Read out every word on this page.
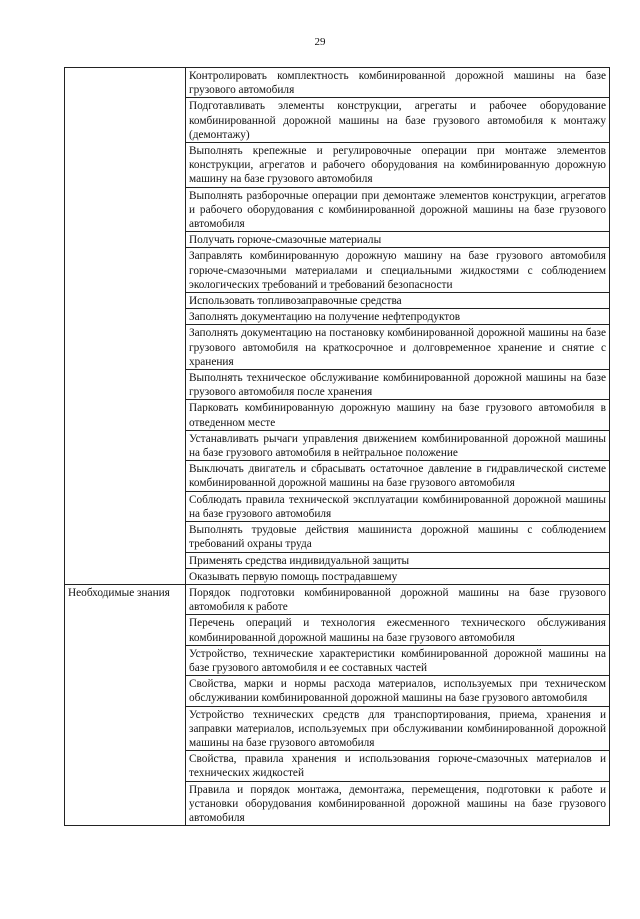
29
	Контролировать комплектность комбинированной дорожной машины на базе грузового автомобиля
	Подготавливать элементы конструкции, агрегаты и рабочее оборудование комбинированной дорожной машины на базе грузового автомобиля к монтажу (демонтажу)
	Выполнять крепежные и регулировочные операции при монтаже элементов конструкции, агрегатов и рабочего оборудования на комбинированную дорожную машину на базе грузового автомобиля
	Выполнять разборочные операции при демонтаже элементов конструкции, агрегатов и рабочего оборудования с комбинированной дорожной машины на базе грузового автомобиля
	Получать горюче-смазочные материалы
	Заправлять комбинированную дорожную машину на базе грузового автомобиля горюче-смазочными материалами и специальными жидкостями с соблюдением экологических требований и требований безопасности
	Использовать топливозаправочные средства
	Заполнять документацию на получение нефтепродуктов
	Заполнять документацию на постановку комбинированной дорожной машины на базе грузового автомобиля на краткосрочное и долговременное хранение и снятие с хранения
	Выполнять техническое обслуживание комбинированной дорожной машины на базе грузового автомобиля после хранения
	Парковать комбинированную дорожную машину на базе грузового автомобиля в отведенном месте
	Устанавливать рычаги управления движением комбинированной дорожной машины на базе грузового автомобиля в нейтральное положение
	Выключать двигатель и сбрасывать остаточное давление в гидравлической системе комбинированной дорожной машины на базе грузового автомобиля
	Соблюдать правила технической эксплуатации комбинированной дорожной машины на базе грузового автомобиля
	Выполнять трудовые действия машиниста дорожной машины с соблюдением требований охраны труда
	Применять средства индивидуальной защиты
	Оказывать первую помощь пострадавшему
Необходимые знания	Порядок подготовки комбинированной дорожной машины на базе грузового автомобиля к работе
	Перечень операций и технология ежесменного технического обслуживания комбинированной дорожной машины на базе грузового автомобиля
	Устройство, технические характеристики комбинированной дорожной машины на базе грузового автомобиля и ее составных частей
	Свойства, марки и нормы расхода материалов, используемых при техническом обслуживании комбинированной дорожной машины на базе грузового автомобиля
	Устройство технических средств для транспортирования, приема, хранения и заправки материалов, используемых при обслуживании комбинированной дорожной машины на базе грузового автомобиля
	Свойства, правила хранения и использования горюче-смазочных материалов и технических жидкостей
	Правила и порядок монтажа, демонтажа, перемещения, подготовки к работе и установки оборудования комбинированной дорожной машины на базе грузового автомобиля
